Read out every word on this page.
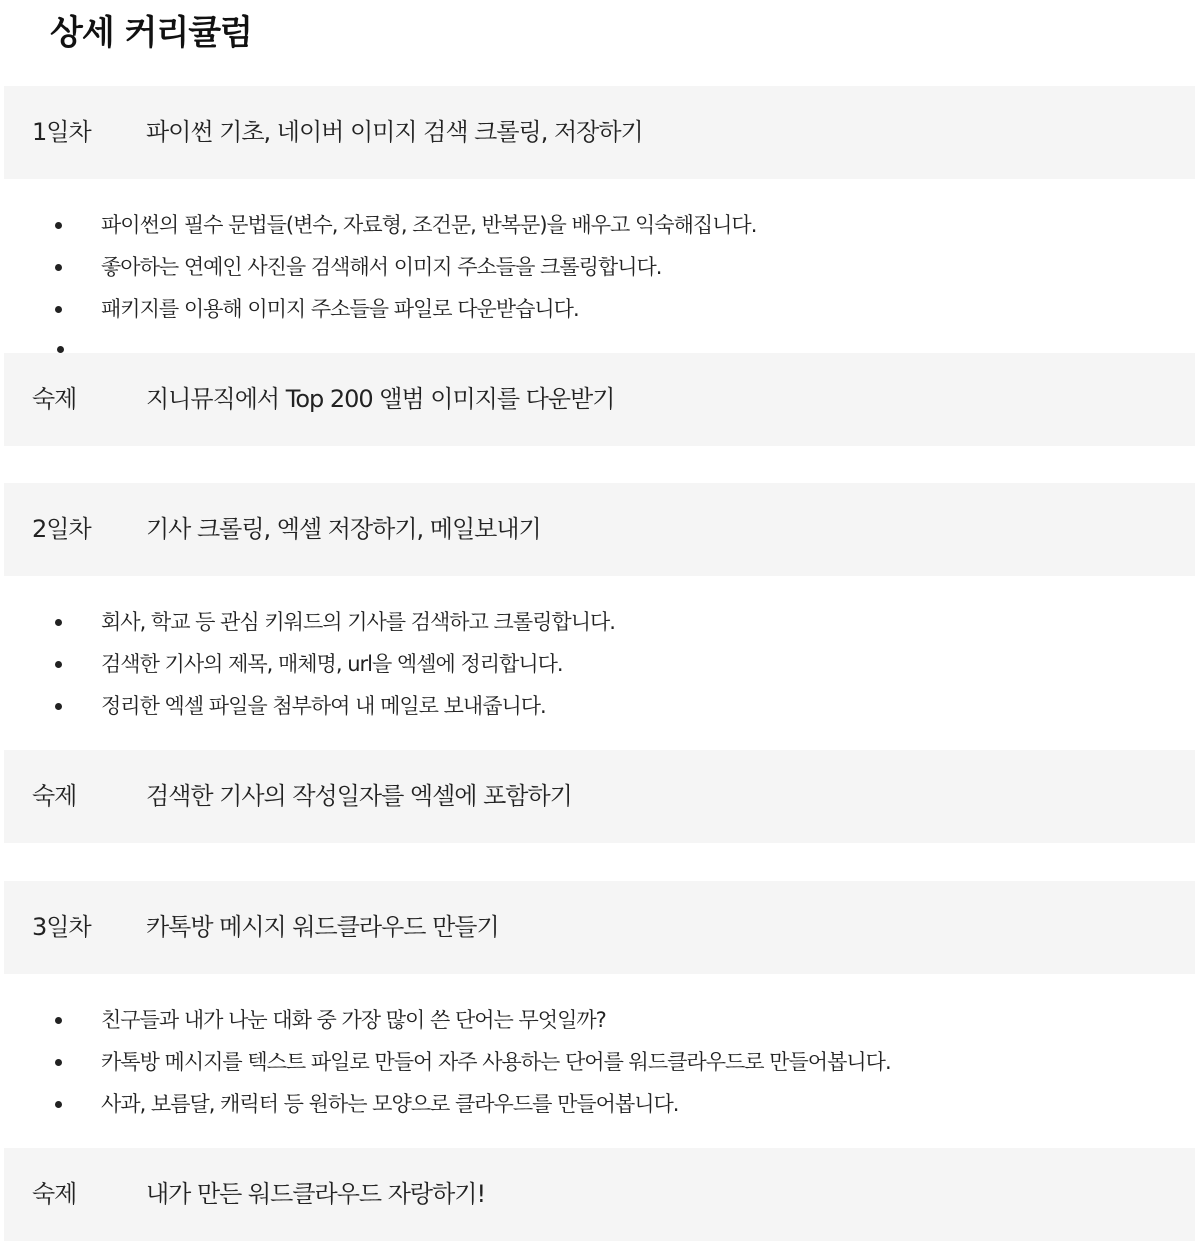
상세 커리큘럼
1일차 파이썬 기초, 네이버 이미지 검색 크롤링, 저장하기
파이썬의 필수 문법들(변수, 자료형, 조건문, 반복문)을 배우고 익숙해집니다.
좋아하는 연예인 사진을 검색해서 이미지 주소들을 크롤링합니다.
패키지를 이용해 이미지 주소들을 파일로 다운받습니다.
숙제	지니뮤직에서 Top 200 앨범 이미지를 다운받기
2일차 기사 크롤링, 엑셀 저장하기, 메일보내기
회사, 학교 등 관심 키워드의 기사를 검색하고 크롤링합니다.
검색한 기사의 제목, 매체명, url을 엑셀에 정리합니다.
정리한 엑셀 파일을 첨부하여 내 메일로 보내줍니다.
숙제	검색한 기사의 작성일자를 엑셀에 포함하기
3일차 카톡방 메시지 워드클라우드 만들기
친구들과 내가 나눈 대화 중 가장 많이 쓴 단어는 무엇일까?
카톡방 메시지를 텍스트 파일로 만들어 자주 사용하는 단어를 워드클라우드로 만들어봅니다.
사과, 보름달, 캐릭터 등 원하는 모양으로 클라우드를 만들어봅니다.
숙제	내가 만든 워드클라우드 자랑하기!
